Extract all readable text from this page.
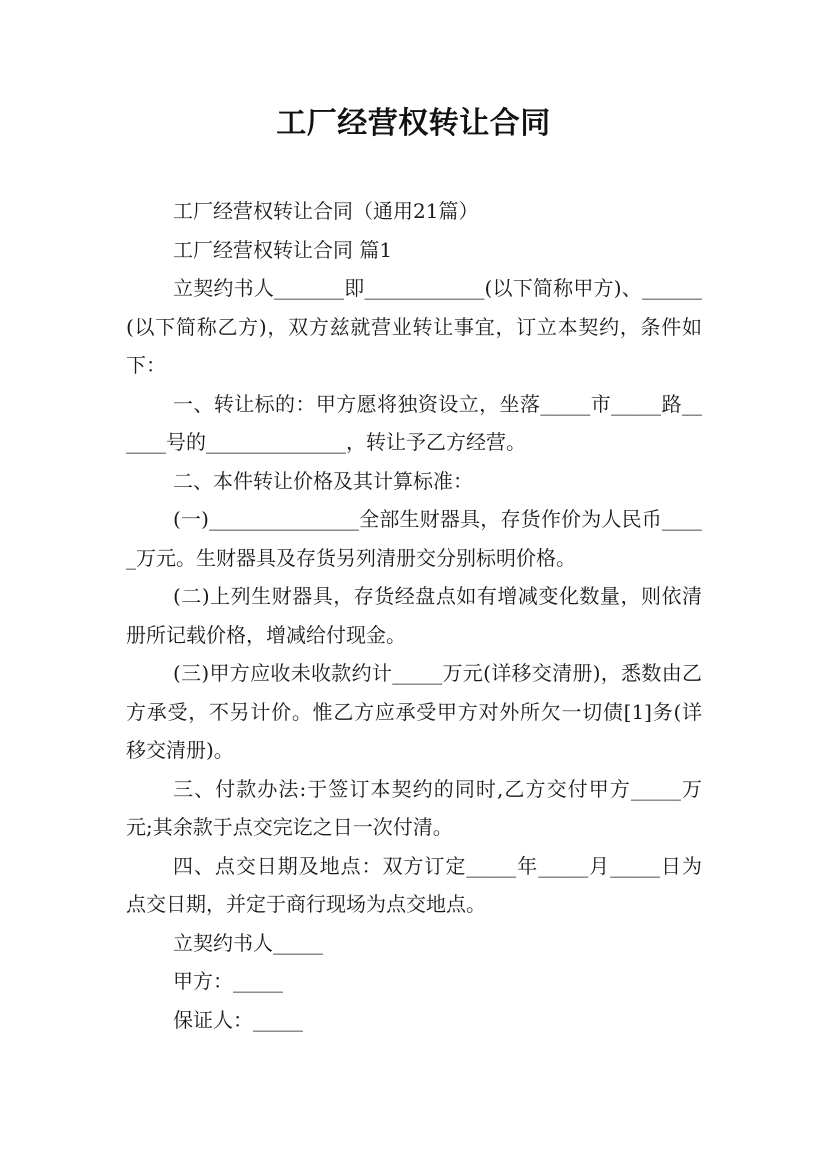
工厂经营权转让合同

工厂经营权转让合同（通用21篇）

工厂经营权转让合同 篇1

立契约书人_______即____________(以下简称甲方)、______(以下简称乙方)，双方兹就营业转让事宜，订立本契约，条件如下：

一、转让标的：甲方愿将独资设立，坐落_____市_____路______号的______________，转让予乙方经营。

二、本件转让价格及其计算标准：

(一)_______________全部生财器具，存货作价为人民币_____万元。生财器具及存货另列清册交分别标明价格。

(二)上列生财器具，存货经盘点如有增减变化数量，则依清册所记载价格，增减给付现金。

(三)甲方应收未收款约计_____万元(详移交清册)，悉数由乙方承受，不另计价。惟乙方应承受甲方对外所欠一切债[1]务(详移交清册)。

三、付款办法:于签订本契约的同时,乙方交付甲方_____万元;其余款于点交完讫之日一次付清。

四、点交日期及地点：双方订定_____年_____月_____日为点交日期，并定于商行现场为点交地点。

立契约书人_____

甲方：_____

保证人：_____
